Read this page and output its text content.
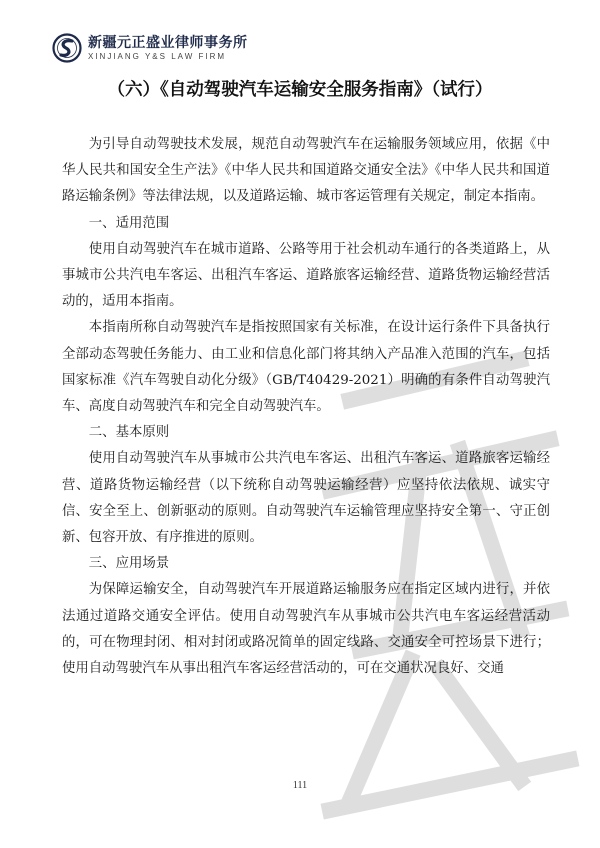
新疆元正盛业律师事务所
XINJIANG Y&S LAW FIRM
（六）《自动驾驶汽车运输安全服务指南》（试行）

为引导自动驾驶技术发展，规范自动驾驶汽车在运输服务领域应用，依据《中华人民共和国安全生产法》《中华人民共和国道路交通安全法》《中华人民共和国道路运输条例》等法律法规，以及道路运输、城市客运管理有关规定，制定本指南。

一、适用范围

使用自动驾驶汽车在城市道路、公路等用于社会机动车通行的各类道路上，从事城市公共汽电车客运、出租汽车客运、道路旅客运输经营、道路货物运输经营活动的，适用本指南。

本指南所称自动驾驶汽车是指按照国家有关标准，在设计运行条件下具备执行全部动态驾驶任务能力、由工业和信息化部门将其纳入产品准入范围的汽车，包括国家标准《汽车驾驶自动化分级》（GB/T40429-2021）明确的有条件自动驾驶汽车、高度自动驾驶汽车和完全自动驾驶汽车。

二、基本原则

使用自动驾驶汽车从事城市公共汽电车客运、出租汽车客运、道路旅客运输经营、道路货物运输经营（以下统称自动驾驶运输经营）应坚持依法依规、诚实守信、安全至上、创新驱动的原则。自动驾驶汽车运输管理应坚持安全第一、守正创新、包容开放、有序推进的原则。

三、应用场景

为保障运输安全，自动驾驶汽车开展道路运输服务应在指定区域内进行，并依法通过道路交通安全评估。使用自动驾驶汽车从事城市公共汽电车客运经营活动的，可在物理封闭、相对封闭或路况简单的固定线路、交通安全可控场景下进行；使用自动驾驶汽车从事出租汽车客运经营活动的，可在交通状况良好、交通

111
